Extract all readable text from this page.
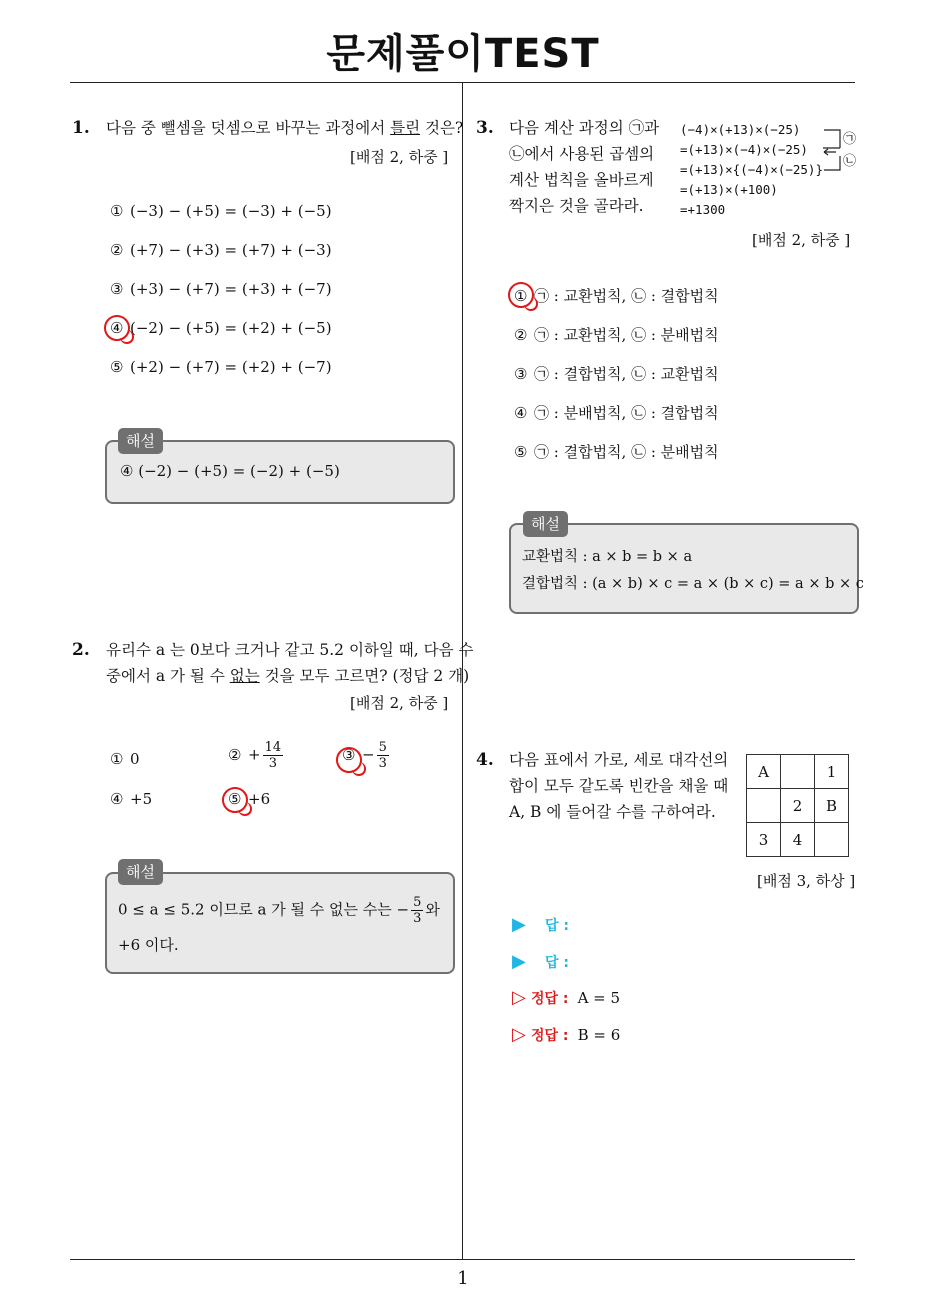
문제풀이TEST
1
1. 다음 중 뺄셈을 덧셈으로 바꾸는 과정에서 틀린 것은?
[배점 2, 하중 ]
① (−3) − (+5) = (−3) + (−5)
② (+7) − (+3) = (+7) + (−3)
③ (+3) − (+7) = (+3) + (−7)
④ (−2) − (+5) = (+2) + (−5)
⑤ (+2) − (+7) = (+2) + (−7)
해설
④ (−2) − (+5) = (−2) + (−5)
2. 유리수 a 는 0보다 크거나 같고 5.2 이하일 때, 다음 수
중에서 a 가 될 수 없는 것을 모두 고르면? (정답 2 개)
[배점 2, 하중 ]
① 0	② + $\frac{14}{3}$	③ − $\frac{5}{3}$
④ +5	⑤ +6
해설
0 ≤ a ≤ 5.2 이므로 a 가 될 수 없는 수는 − $\frac{5}{3}$ 와
+6 이다.
3. 다음 계산 과정의 ㉠과
㉡에서 사용된 곱셈의
계산 법칙을 올바르게
짝지은 것을 골라라.
(−4)×(+13)×(−25)
=(+13)×(−4)×(−25)
=(+13)×{(−4)×(−25)}
=(+13)×(+100)
=+1300
㉠
㉡
[배점 2, 하중 ]
① ㉠ : 교환법칙, ㉡ : 결합법칙
② ㉠ : 교환법칙, ㉡ : 분배법칙
③ ㉠ : 결합법칙, ㉡ : 교환법칙
④ ㉠ : 분배법칙, ㉡ : 결합법칙
⑤ ㉠ : 결합법칙, ㉡ : 분배법칙
해설
교환법칙 : a × b = b × a
결합법칙 : (a × b) × c = a × (b × c) = a × b × c
4. 다음 표에서 가로, 세로 대각선의
합이 모두 같도록 빈칸을 채울 때
A, B 에 들어갈 수를 구하여라.
A		1
	2	B
3	4	
[배점 3, 하상 ]
▶ 답 :
▶ 답 :
▷ 정답 : A = 5
▷ 정답 : B = 6
